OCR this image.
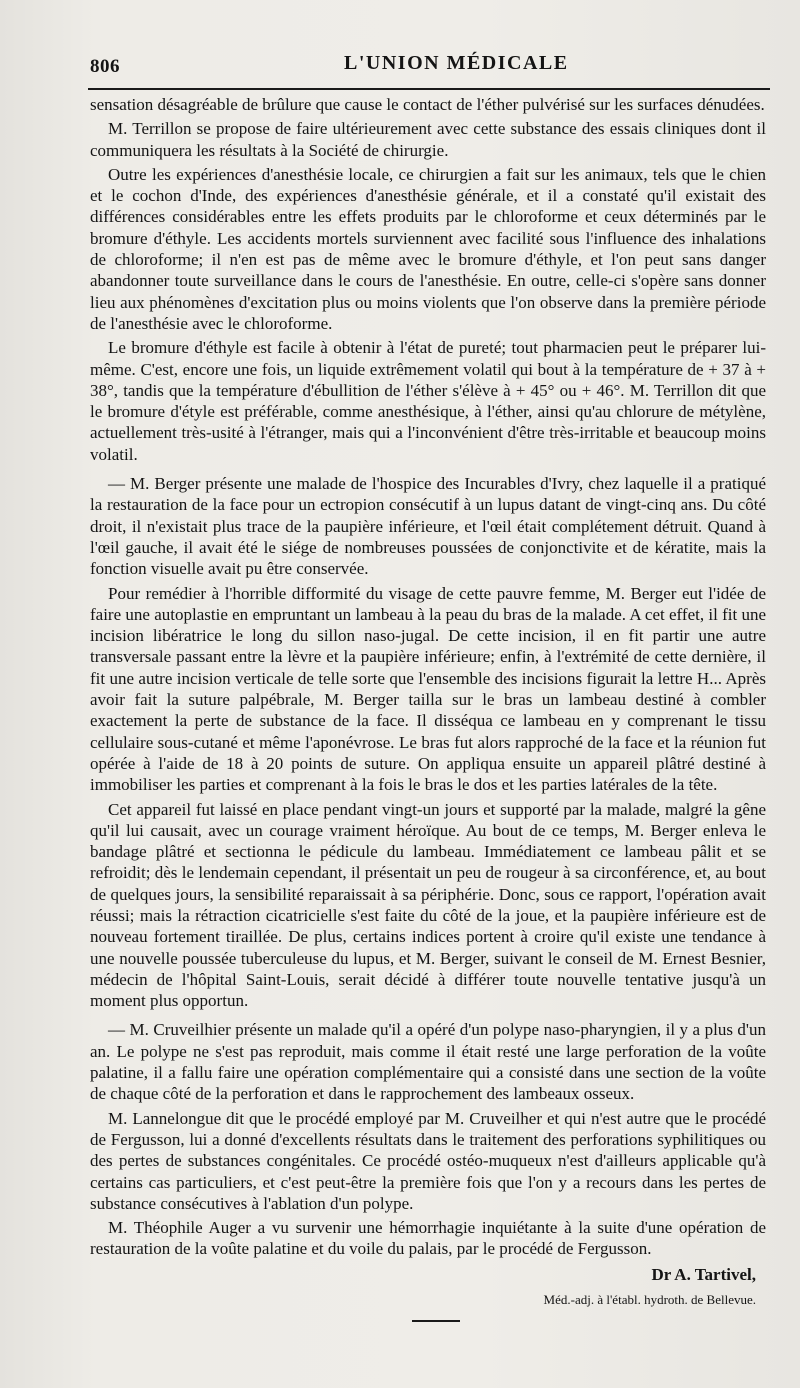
806	L'UNION MÉDICALE

sensation désagréable de brûlure que cause le contact de l'éther pulvérisé sur les surfaces dénudées.

M. Terrillon se propose de faire ultérieurement avec cette substance des essais cliniques dont il communiquera les résultats à la Société de chirurgie.

Outre les expériences d'anesthésie locale, ce chirurgien a fait sur les animaux, tels que le chien et le cochon d'Inde, des expériences d'anesthésie générale, et il a constaté qu'il existait des différences considérables entre les effets produits par le chloroforme et ceux déterminés par le bromure d'éthyle. Les accidents mortels surviennent avec facilité sous l'influence des inhalations de chloroforme; il n'en est pas de même avec le bromure d'éthyle, et l'on peut sans danger abandonner toute surveillance dans le cours de l'anesthésie. En outre, celle-ci s'opère sans donner lieu aux phénomènes d'excitation plus ou moins violents que l'on observe dans la première période de l'anesthésie avec le chloroforme.

Le bromure d'éthyle est facile à obtenir à l'état de pureté; tout pharmacien peut le préparer lui-même. C'est, encore une fois, un liquide extrêmement volatil qui bout à la température de + 37 à + 38°, tandis que la température d'ébullition de l'éther s'élève à + 45° ou + 46°. M. Terrillon dit que le bromure d'étyle est préférable, comme anesthésique, à l'éther, ainsi qu'au chlorure de métylène, actuellement très-usité à l'étranger, mais qui a l'inconvénient d'être très-irritable et beaucoup moins volatil.

— M. Berger présente une malade de l'hospice des Incurables d'Ivry, chez laquelle il a pratiqué la restauration de la face pour un ectropion consécutif à un lupus datant de vingt-cinq ans. Du côté droit, il n'existait plus trace de la paupière inférieure, et l'œil était complétement détruit. Quand à l'œil gauche, il avait été le siége de nombreuses poussées de conjonctivite et de kératite, mais la fonction visuelle avait pu être conservée.

Pour remédier à l'horrible difformité du visage de cette pauvre femme, M. Berger eut l'idée de faire une autoplastie en empruntant un lambeau à la peau du bras de la malade. A cet effet, il fit une incision libératrice le long du sillon naso-jugal. De cette incision, il en fit partir une autre transversale passant entre la lèvre et la paupière inférieure; enfin, à l'extrémité de cette dernière, il fit une autre incision verticale de telle sorte que l'ensemble des incisions figurait la lettre H... Après avoir fait la suture palpébrale, M. Berger tailla sur le bras un lambeau destiné à combler exactement la perte de substance de la face. Il disséqua ce lambeau en y comprenant le tissu cellulaire sous-cutané et même l'aponévrose. Le bras fut alors rapproché de la face et la réunion fut opérée à l'aide de 18 à 20 points de suture. On appliqua ensuite un appareil plâtré destiné à immobiliser les parties et comprenant à la fois le bras le dos et les parties latérales de la tête.

Cet appareil fut laissé en place pendant vingt-un jours et supporté par la malade, malgré la gêne qu'il lui causait, avec un courage vraiment héroïque. Au bout de ce temps, M. Berger enleva le bandage plâtré et sectionna le pédicule du lambeau. Immédiatement ce lambeau pâlit et se refroidit; dès le lendemain cependant, il présentait un peu de rougeur à sa circonférence, et, au bout de quelques jours, la sensibilité reparaissait à sa périphérie. Donc, sous ce rapport, l'opération avait réussi; mais la rétraction cicatricielle s'est faite du côté de la joue, et la paupière inférieure est de nouveau fortement tiraillée. De plus, certains indices portent à croire qu'il existe une tendance à une nouvelle poussée tuberculeuse du lupus, et M. Berger, suivant le conseil de M. Ernest Besnier, médecin de l'hôpital Saint-Louis, serait décidé à différer toute nouvelle tentative jusqu'à un moment plus opportun.

— M. Cruveilhier présente un malade qu'il a opéré d'un polype naso-pharyngien, il y a plus d'un an. Le polype ne s'est pas reproduit, mais comme il était resté une large perforation de la voûte palatine, il a fallu faire une opération complémentaire qui a consisté dans une section de la voûte de chaque côté de la perforation et dans le rapprochement des lambeaux osseux.

M. Lannelongue dit que le procédé employé par M. Cruveilher et qui n'est autre que le procédé de Fergusson, lui a donné d'excellents résultats dans le traitement des perforations syphilitiques ou des pertes de substances congénitales. Ce procédé ostéo-muqueux n'est d'ailleurs applicable qu'à certains cas particuliers, et c'est peut-être la première fois que l'on y a recours dans les pertes de substance consécutives à l'ablation d'un polype.

M. Théophile Auger a vu survenir une hémorrhagie inquiétante à la suite d'une opération de restauration de la voûte palatine et du voile du palais, par le procédé de Fergusson.

Dr A. Tartivel,
Méd.-adj. à l'établ. hydroth. de Bellevue.
